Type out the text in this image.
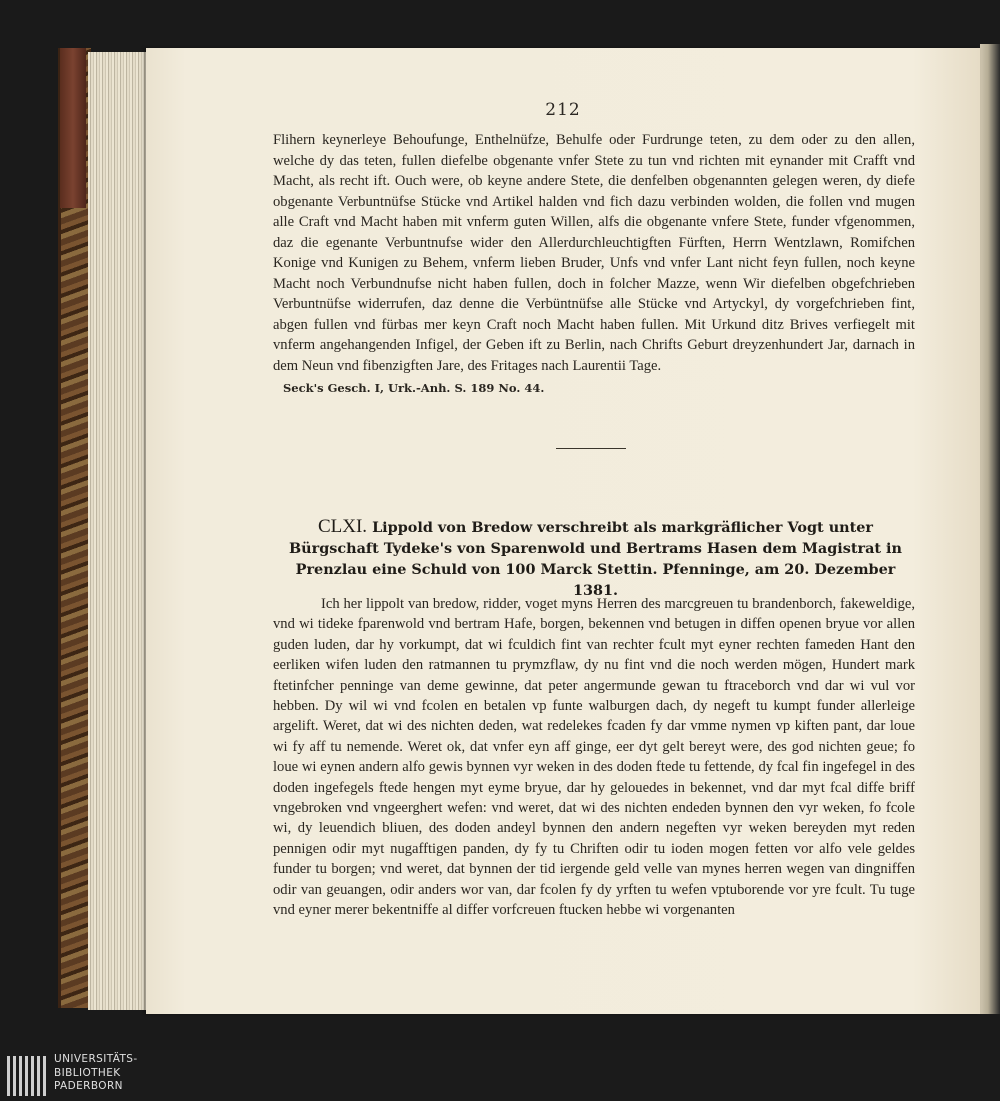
212

Flihern keynerleye Behoufunge, Enthelnüfze, Behulfe oder Furdrunge teten, zu dem oder zu den allen, welche dy das teten, fullen diefelbe obgenante vnfer Stete zu tun vnd richten mit eynander mit Crafft vnd Macht, als recht ift. Ouch were, ob keyne andere Stete, die denfelben obgenannten gelegen weren, dy diefe obgenante Verbuntnüfse Stücke vnd Artikel halden vnd fich dazu verbinden wolden, die follen vnd mugen alle Craft vnd Macht haben mit vnferm guten Willen, alfs die obgenante vnfere Stete, funder vfgenommen, daz die egenante Verbuntnufse wider den Allerdurchleuchtigften Fürften, Herrn Wentzlawn, Romifchen Konige vnd Kunigen zu Behem, vnferm lieben Bruder, Unfs vnd vnfer Lant nicht feyn fullen, noch keyne Macht noch Verbundnufse nicht haben fullen, doch in folcher Mazze, wenn Wir diefelben obgefchrieben Verbuntnüfse widerrufen, daz denne die Verbüntnüfse alle Stücke vnd Artyckyl, dy vorgefchrieben fint, abgen fullen vnd fürbas mer keyn Craft noch Macht haben fullen. Mit Urkund ditz Brives verfiegelt mit vnferm angehangenden Infigel, der Geben ift zu Berlin, nach Chrifts Geburt dreyzenhundert Jar, darnach in dem Neun vnd fibenzigften Jare, des Fritages nach Laurentii Tage.

Seck's Gesch. I, Urk.-Anh. S. 189 No. 44.
CLXI. Lippold von Bredow verschreibt als markgräflicher Vogt unter Bürgschaft Tydeke's von Sparenwold und Bertrams Hasen dem Magistrat in Prenzlau eine Schuld von 100 Marck Stettin. Pfenninge, am 20. Dezember 1381.

Ich her lippolt van bredow, ridder, voget myns Herren des marcgreuen tu brandenborch, fakeweldige, vnd wi tideke fparenwold vnd bertram Hafe, borgen, bekennen vnd betugen in diffen openen bryue vor allen guden luden, dar hy vorkumpt, dat wi fculdich fint van rechter fcult myt eyner rechten fameden Hant den eerliken wifen luden den ratmannen tu prymzflaw, dy nu fint vnd die noch werden mögen, Hundert mark ftetinfcher penninge van deme gewinne, dat peter angermunde gewan tu ftraceborch vnd dar wi vul vor hebben. Dy wil wi vnd fcolen en betalen vp funte walburgen dach, dy negeft tu kumpt funder allerleige argelift. Weret, dat wi des nichten deden, wat redelekes fcaden fy dar vmme nymen vp kiften pant, dar loue wi fy aff tu nemende. Weret ok, dat vnfer eyn aff ginge, eer dyt gelt bereyt were, des god nichten geue; fo loue wi eynen andern alfo gewis bynnen vyr weken in des doden ftede tu fettende, dy fcal fin ingefegel in des doden ingefegels ftede hengen myt eyme bryue, dar hy gelouedes in bekennet, vnd dar myt fcal diffe briff vngebroken vnd vngeerghert wefen: vnd weret, dat wi des nichten endeden bynnen den vyr weken, fo fcole wi, dy leuendich bliuen, des doden andeyl bynnen den andern negeften vyr weken bereyden myt reden pennigen odir myt nugafftigen panden, dy fy tu Chriften odir tu ioden mogen fetten vor alfo vele geldes funder tu borgen; vnd weret, dat bynnen der tid iergende geld velle van mynes herren wegen van dingniffen odir van geuangen, odir anders wor van, dar fcolen fy dy yrften tu wefen vptuborende vor yre fcult. Tu tuge vnd eyner merer bekentniffe al differ vorfcreuen ftucken hebbe wi vorgenanten

UNIVERSITÄTS-
BIBLIOTHEK
PADERBORN
